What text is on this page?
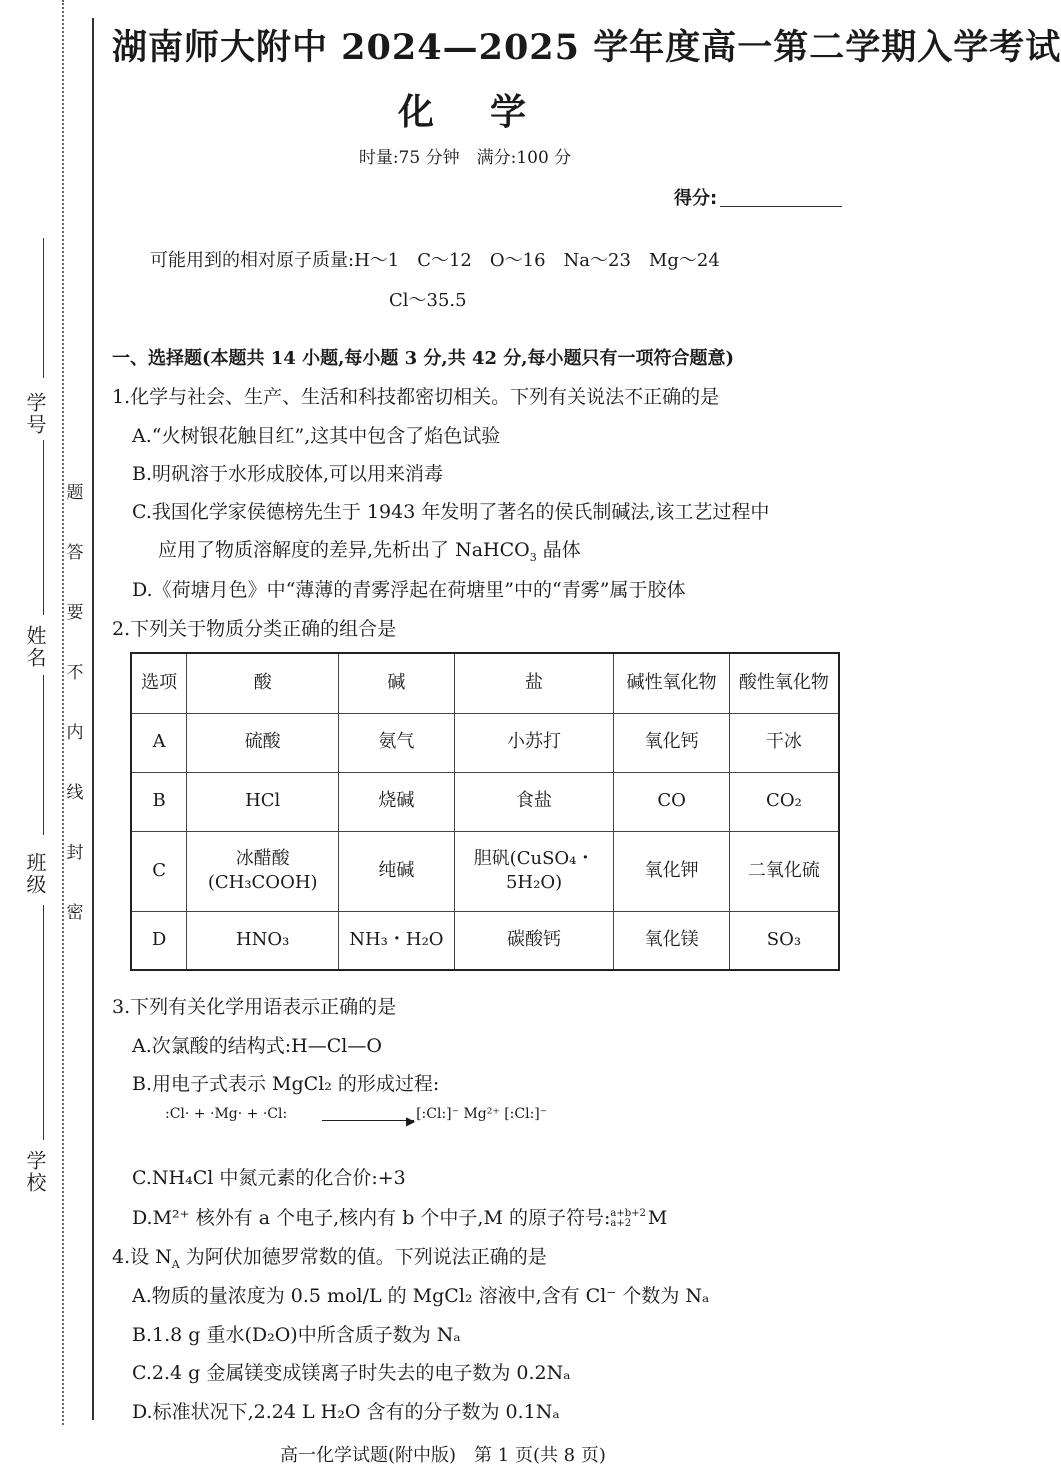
学号
姓名
班级
学校
密
封
线
内
不
要
答
题
湖南师大附中 2024—2025 学年度高一第二学期入学考试
化学
时量:75 分钟　满分:100 分
得分:
可能用到的相对原子质量:H～1　C～12　O～16　Na～23　Mg～24
Cl～35.5
一、选择题(本题共 14 小题,每小题 3 分,共 42 分,每小题只有一项符合题意)
1.化学与社会、生产、生活和科技都密切相关。下列有关说法不正确的是
A.“火树银花触目红”,这其中包含了焰色试验
B.明矾溶于水形成胶体,可以用来消毒
C.我国化学家侯德榜先生于 1943 年发明了著名的侯氏制碱法,该工艺过程中
应用了物质溶解度的差异,先析出了 NaHCO$_3$ 晶体
D.《荷塘月色》中“薄薄的青雾浮起在荷塘里”中的“青雾”属于胶体
2.下列关于物质分类正确的组合是
选项	酸	碱	盐	碱性氧化物	酸性氧化物
A	硫酸	氨气	小苏打	氧化钙	干冰
B	HCl	烧碱	食盐	CO	CO₂
C	冰醋酸(CH₃COOH)	纯碱	胆矾(CuSO₄・5H₂O)	氧化钾	二氧化硫
D	HNO₃	NH₃・H₂O	碳酸钙	氧化镁	SO₃
3.下列有关化学用语表示正确的是
A.次氯酸的结构式:H—Cl—O
B.用电子式表示 MgCl₂ 的形成过程:
:Cl· + ·Mg· + ·Cl:	[:Cl:]⁻ Mg²⁺ [:Cl:]⁻
▶
C.NH₄Cl 中氮元素的化合价:+3
D.M²⁺ 核外有 a 个电子,核内有 b 个中子,M 的原子符号: a+b+2
a+2 M
4.设 $N_A$ 为阿伏加德罗常数的值。下列说法正确的是
A.物质的量浓度为 0.5 mol/L 的 MgCl₂ 溶液中,含有 Cl⁻ 个数为 Nₐ
B.1.8 g 重水(D₂O)中所含质子数为 Nₐ
C.2.4 g 金属镁变成镁离子时失去的电子数为 0.2Nₐ
D.标准状况下,2.24 L H₂O 含有的分子数为 0.1Nₐ
高一化学试题(附中版)　第 1 页(共 8 页)
